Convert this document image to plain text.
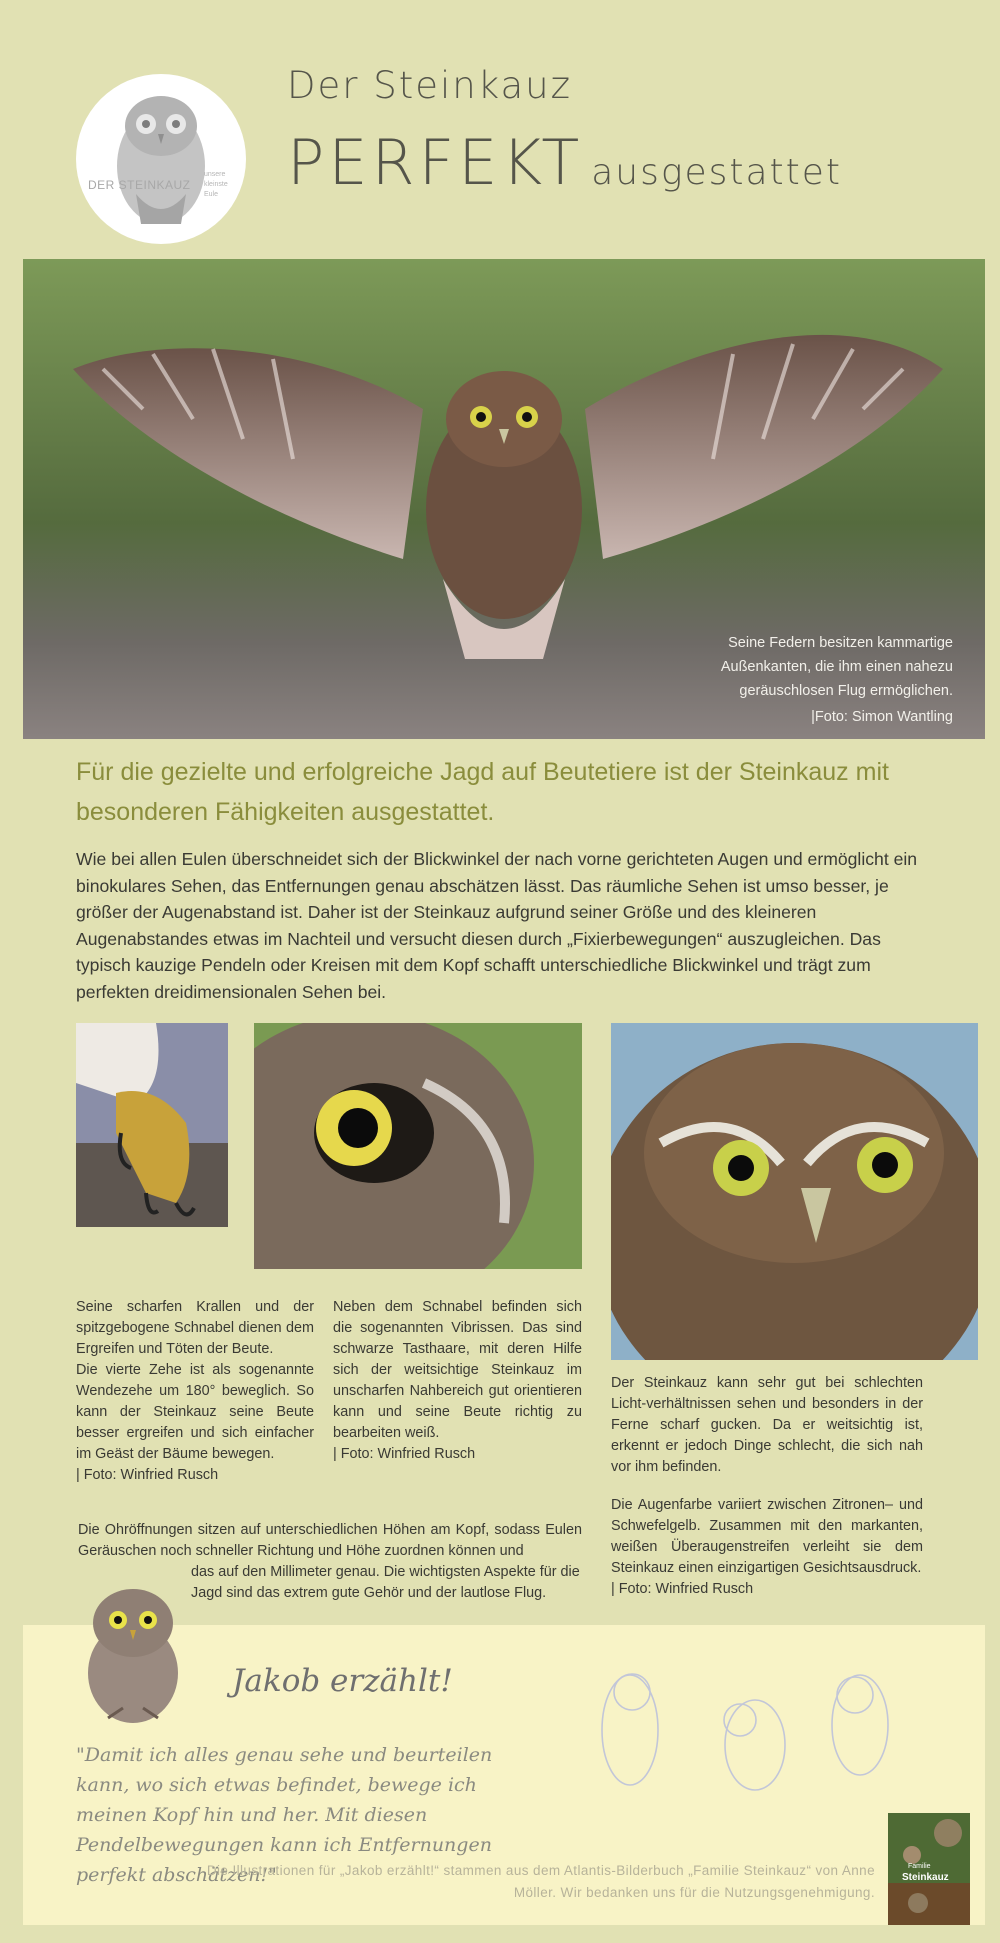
DER STEINKAUZ
unsere kleinste Eule
Der Steinkauz
PERFEKT ausgestattet
Seine Federn besitzen kammartige Außenkanten, die ihm einen nahezu geräuschlosen Flug ermöglichen.
|Foto: Simon Wantling
Für die gezielte und erfolgreiche Jagd auf Beutetiere ist der Steinkauz mit besonderen Fähigkeiten ausgestattet.
Wie bei allen Eulen überschneidet sich der Blickwinkel der nach vorne gerichteten Augen und ermöglicht ein binokulares Sehen, das Entfernungen genau abschätzen lässt. Das räumliche Sehen ist umso besser, je größer der Augenabstand ist. Daher ist der Steinkauz aufgrund seiner Größe und des kleineren Augenabstandes etwas im Nachteil und versucht diesen durch „Fixierbewegungen“ auszugleichen. Das typisch kauzige Pendeln oder Kreisen mit dem Kopf schafft unterschiedliche Blickwinkel und trägt zum perfekten dreidimensionalen Sehen bei.

Seine scharfen Krallen und der spitzgebogene Schnabel dienen dem Ergreifen und Töten der Beute.

Die vierte Zehe ist als sogenannte Wendezehe um 180° beweglich. So kann der Steinkauz seine Beute besser ergreifen und sich einfacher im Geäst der Bäume bewegen.

| Foto: Winfried Rusch

Neben dem Schnabel befinden sich die sogenannten Vibrissen. Das sind schwarze Tasthaare, mit deren Hilfe sich der weitsichtige Steinkauz im unscharfen Nahbereich gut orientieren kann und seine Beute richtig zu bearbeiten weiß.

| Foto: Winfried Rusch

Der Steinkauz kann sehr gut bei schlechten Licht-verhältnissen sehen und besonders in der Ferne scharf gucken. Da er weitsichtig ist, erkennt er jedoch Dinge schlecht, die sich nah vor ihm befinden.

Die Augenfarbe variiert zwischen Zitronen– und Schwefelgelb. Zusammen mit den markanten, weißen Überaugenstreifen verleiht sie dem Steinkauz einen einzigartigen Gesichtsausdruck.

| Foto: Winfried Rusch

Die Ohröffnungen sitzen auf unterschiedlichen Höhen am Kopf, sodass Eulen Geräuschen noch schneller Richtung und Höhe zuordnen können und
das auf den Millimeter genau. Die wichtigsten Aspekte für die Jagd sind das extrem gute Gehör und der lautlose Flug.
Jakob erzählt!
"Damit ich alles genau sehe und beurteilen kann, wo sich etwas befindet, bewege ich meinen Kopf hin und her. Mit diesen Pendelbewegungen kann ich Entfernungen perfekt abschätzen!"
Die Illustrationen für „Jakob erzählt!“ stammen aus dem Atlantis-Bilderbuch „Familie Steinkauz“ von Anne Möller. Wir bedanken uns für die Nutzungsgenehmigung.
Familie
Steinkauz
